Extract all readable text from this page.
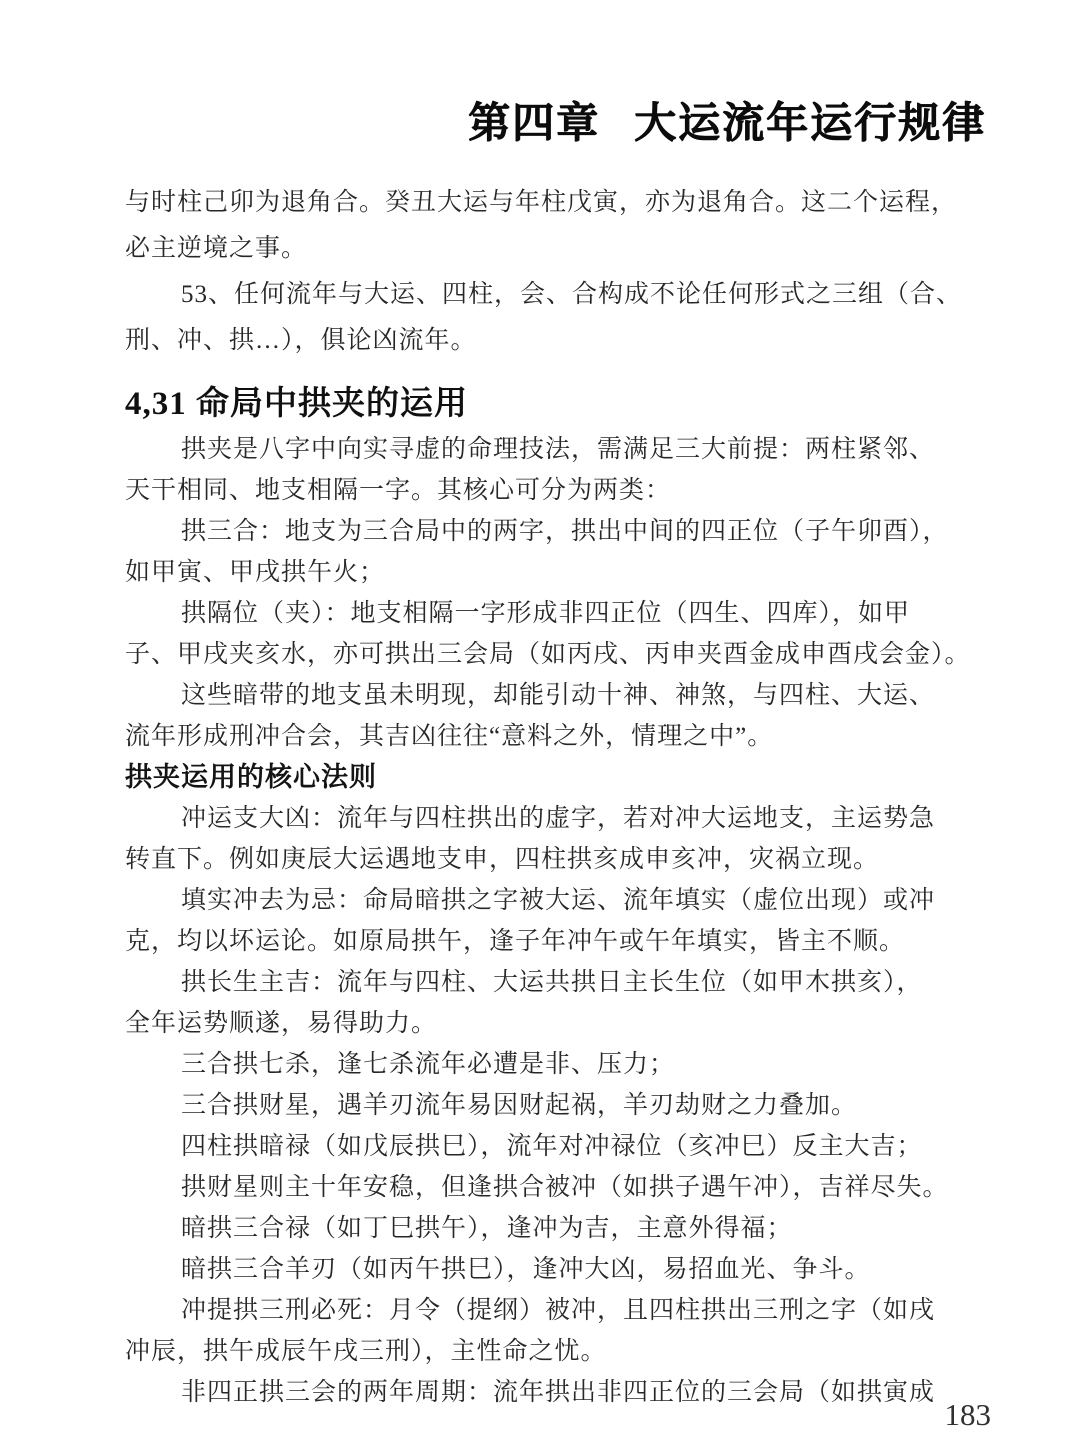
第四章 大运流年运行规律
与时柱己卯为退角合。癸丑大运与年柱戊寅，亦为退角合。这二个运程，
必主逆境之事。
53、任何流年与大运、四柱，会、合构成不论任何形式之三组（合、
刑、冲、拱…），俱论凶流年。
4,31 命局中拱夹的运用
拱夹是八字中向实寻虚的命理技法，需满足三大前提：两柱紧邻、
天干相同、地支相隔一字。其核心可分为两类：
拱三合：地支为三合局中的两字，拱出中间的四正位（子午卯酉），
如甲寅、甲戌拱午火；
拱隔位（夹）：地支相隔一字形成非四正位（四生、四库），如甲
子、甲戌夹亥水，亦可拱出三会局（如丙戌、丙申夹酉金成申酉戌会金）。
这些暗带的地支虽未明现，却能引动十神、神煞，与四柱、大运、
流年形成刑冲合会，其吉凶往往“意料之外，情理之中”。
拱夹运用的核心法则
冲运支大凶：流年与四柱拱出的虚字，若对冲大运地支，主运势急
转直下。例如庚辰大运遇地支申，四柱拱亥成申亥冲，灾祸立现。
填实冲去为忌：命局暗拱之字被大运、流年填实（虚位出现）或冲
克，均以坏运论。如原局拱午，逢子年冲午或午年填实，皆主不顺。
拱长生主吉：流年与四柱、大运共拱日主长生位（如甲木拱亥），
全年运势顺遂，易得助力。
三合拱七杀，逢七杀流年必遭是非、压力；
三合拱财星，遇羊刃流年易因财起祸，羊刃劫财之力叠加。
四柱拱暗禄（如戊辰拱巳），流年对冲禄位（亥冲巳）反主大吉；
拱财星则主十年安稳，但逢拱合被冲（如拱子遇午冲），吉祥尽失。
暗拱三合禄（如丁巳拱午），逢冲为吉，主意外得福；
暗拱三合羊刃（如丙午拱巳），逢冲大凶，易招血光、争斗。
冲提拱三刑必死：月令（提纲）被冲，且四柱拱出三刑之字（如戌
冲辰，拱午成辰午戌三刑），主性命之忧。
非四正拱三会的两年周期：流年拱出非四正位的三会局（如拱寅成
183
